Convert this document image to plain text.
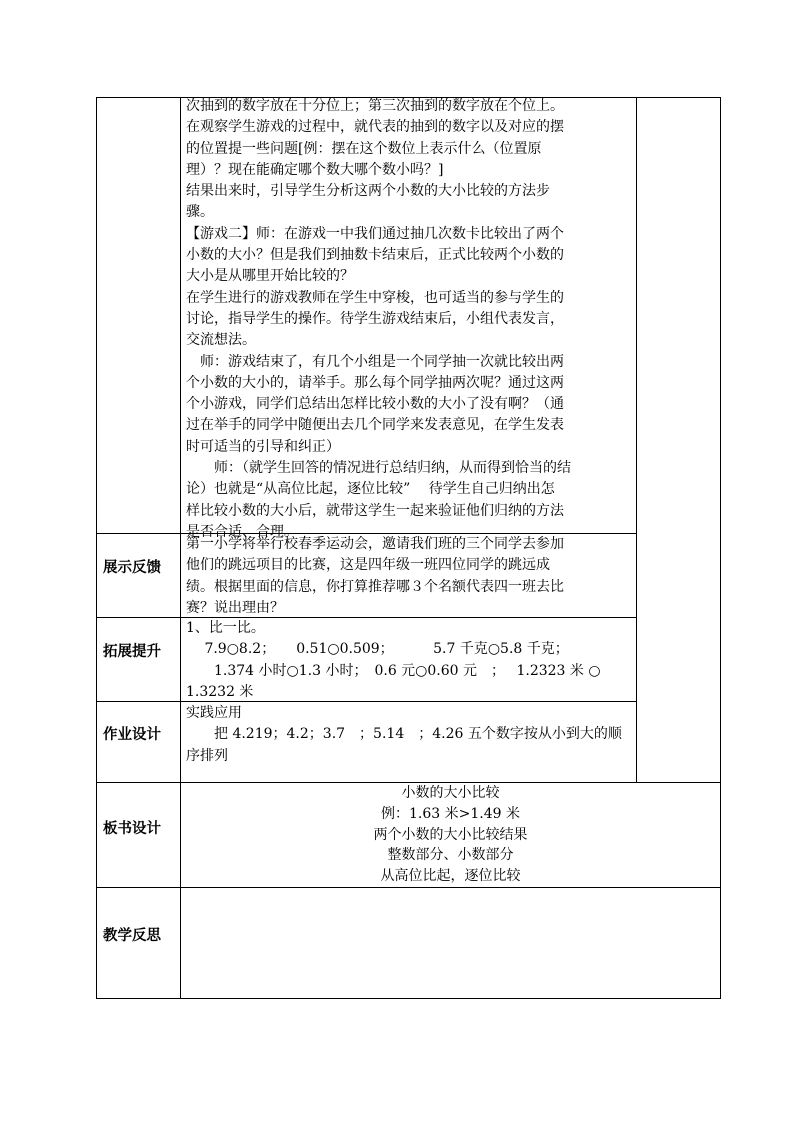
次抽到的数字放在十分位上；第三次抽到的数字放在个位上。

在观察学生游戏的过程中，就代表的抽到的数字以及对应的摆

的位置提一些问题[例：摆在这个数位上表示什么（位置原

理）？现在能确定哪个数大哪个数小吗？]

结果出来时，引导学生分析这两个小数的大小比较的方法步

骤。

【游戏二】师：在游戏一中我们通过抽几次数卡比较出了两个

小数的大小？但是我们到抽数卡结束后，正式比较两个小数的

大小是从哪里开始比较的？

在学生进行的游戏教师在学生中穿梭，也可适当的参与学生的

讨论，指导学生的操作。待学生游戏结束后，小组代表发言，

交流想法。

　师：游戏结束了，有几个小组是一个同学抽一次就比较出两

个小数的大小的，请举手。那么每个同学抽两次呢？通过这两

个小游戏，同学们总结出怎样比较小数的大小了没有啊？（通

过在举手的同学中随便出去几个同学来发表意见，在学生发表

时可适当的引导和纠正）

　　师：（就学生回答的情况进行总结归纳，从而得到恰当的结

论）也就是“从高位比起，逐位比较”　 待学生自己归纳出怎

样比较小数的大小后，就带这学生一起来验证他们归纳的方法

是否合适、合理。

展示反馈

第一小学将举行校春季运动会，邀请我们班的三个同学去参加

他们的跳远项目的比赛，这是四年级一班四位同学的跳远成

绩。根据里面的信息，你打算推荐哪３个名额代表四一班去比

赛？说出理由？

拓展提升

1、比一比。

　 7.9○8.2；　　0.51○0.509；　　　 5.7 千克○5.8 千克；

　　1.374 小时○1.3 小时；　0.6 元○0.60 元　；　 1.2323 米 ○

1.3232 米

作业设计

实践应用

　　把 4.219；4.2；3.7　；5.14　；4.26 五个数字按从小到大的顺

序排列

板书设计

小数的大小比较

例：1.63 米>1.49 米

两个小数的大小比较结果

整数部分、小数部分

从高位比起，逐位比较

教学反思
